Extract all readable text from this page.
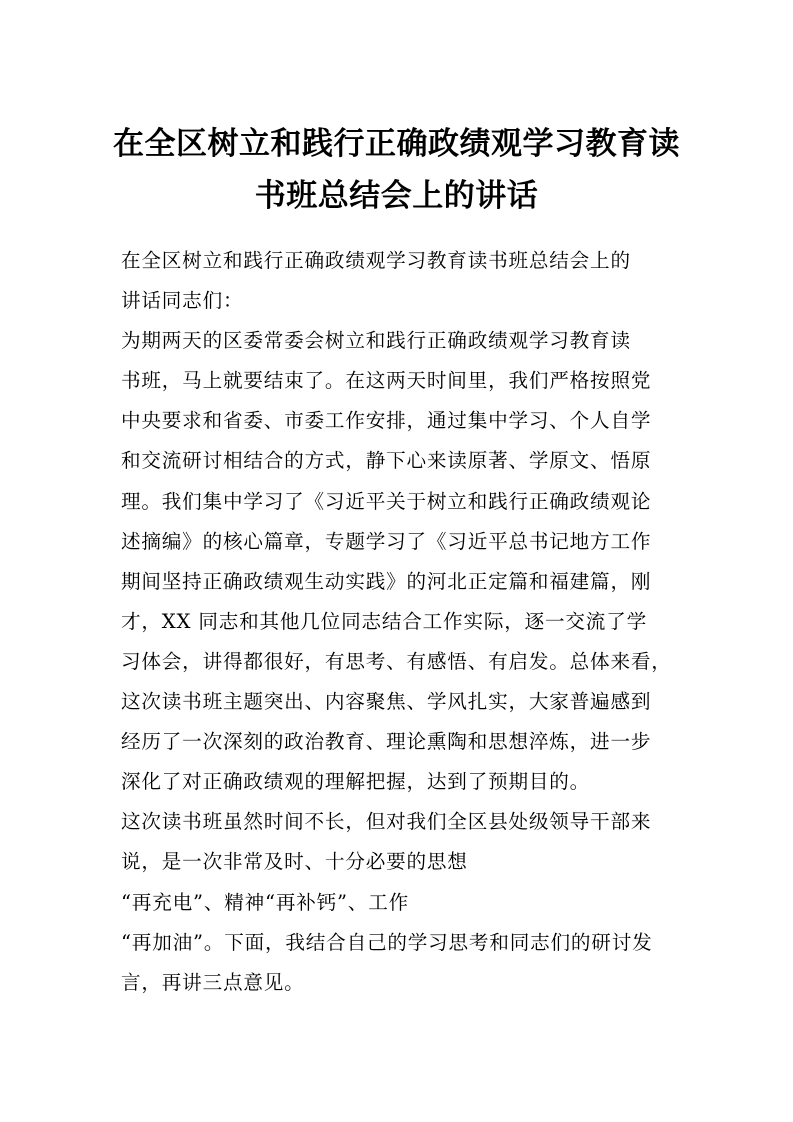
在全区树立和践行正确政绩观学习教育读
书班总结会上的讲话
在全区树立和践行正确政绩观学习教育读书班总结会上的
讲话同志们：
为期两天的区委常委会树立和践行正确政绩观学习教育读
书班，马上就要结束了。在这两天时间里，我们严格按照党
中央要求和省委、市委工作安排，通过集中学习、个人自学
和交流研讨相结合的方式，静下心来读原著、学原文、悟原
理。我们集中学习了《习近平关于树立和践行正确政绩观论
述摘编》的核心篇章，专题学习了《习近平总书记地方工作
期间坚持正确政绩观生动实践》的河北正定篇和福建篇，刚
才，XX 同志和其他几位同志结合工作实际，逐一交流了学
习体会，讲得都很好，有思考、有感悟、有启发。总体来看，
这次读书班主题突出、内容聚焦、学风扎实，大家普遍感到
经历了一次深刻的政治教育、理论熏陶和思想淬炼，进一步
深化了对正确政绩观的理解把握，达到了预期目的。
这次读书班虽然时间不长，但对我们全区县处级领导干部来
说，是一次非常及时、十分必要的思想
“再充电”、精神“再补钙”、工作
“再加油”。下面，我结合自己的学习思考和同志们的研讨发
言，再讲三点意见。
